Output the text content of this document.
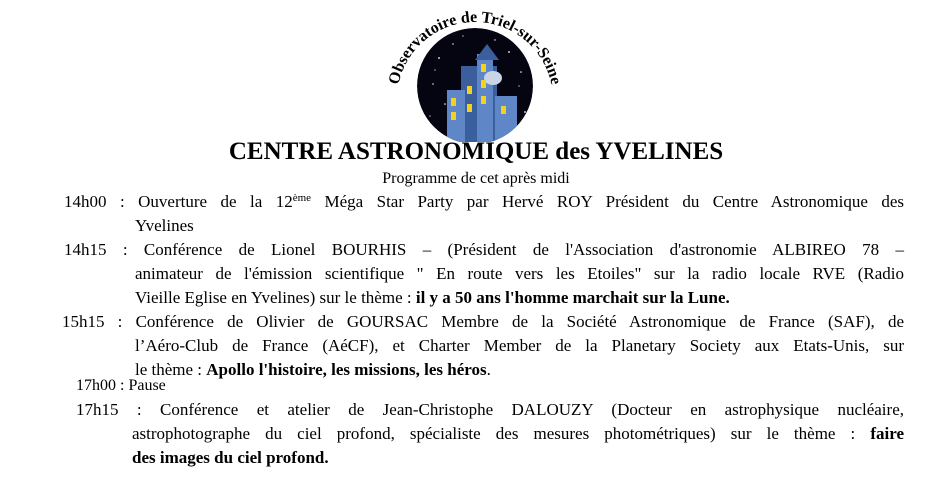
Observatoire de Triel-sur-Seine
CENTRE ASTRONOMIQUE des YVELINES
Programme de cet après midi

14h00 : Ouverture de la 12ème Méga Star Party par Hervé ROY Président du Centre Astronomique des

Yvelines

14h15 : Conférence de Lionel BOURHIS – (Président de l'Association d'astronomie ALBIREO 78 –

animateur de l'émission scientifique " En route vers les Etoiles" sur la radio locale RVE (Radio

Vieille Eglise en Yvelines) sur le thème : il y a 50 ans l'homme marchait sur la Lune.

15h15 : Conférence de Olivier de GOURSAC Membre de la Société Astronomique de France (SAF), de

l’Aéro-Club de France (AéCF), et Charter Member de la Planetary Society aux Etats-Unis, sur

le thème : Apollo l'histoire, les missions, les héros.

17h00 : Pause

17h15 : Conférence et atelier de Jean-Christophe DALOUZY (Docteur en astrophysique nucléaire,

astrophotographe du ciel profond, spécialiste des mesures photométriques) sur le thème : faire

des images du ciel profond.
